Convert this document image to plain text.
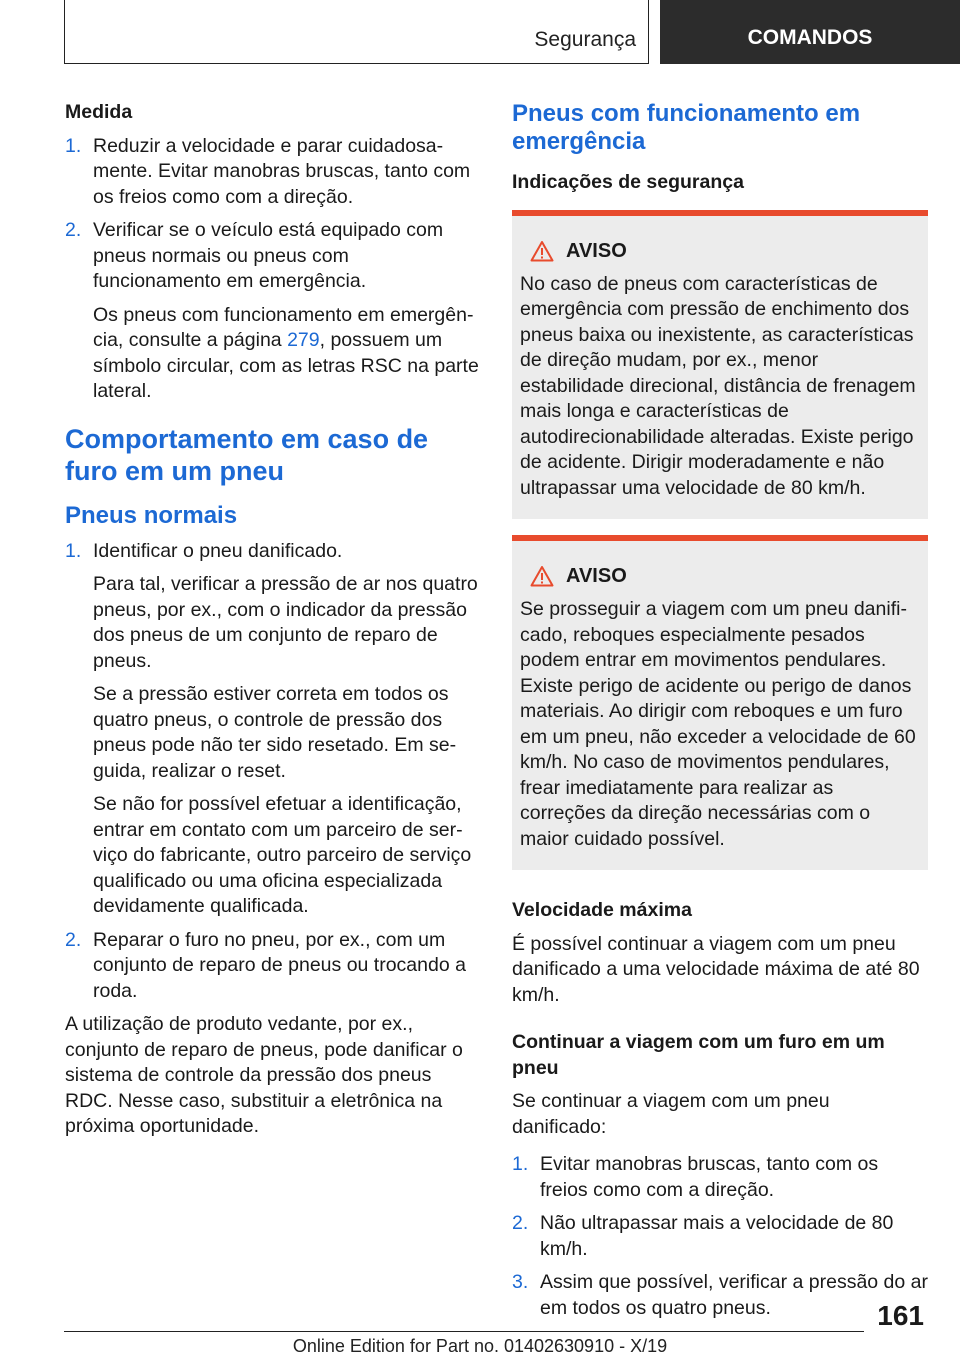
Segurança	COMANDOS
Medida
1. Reduzir a velocidade e parar cuidadosamente. Evitar manobras bruscas, tanto com os freios como com a direção.
2. Verificar se o veículo está equipado com pneus normais ou pneus com funcionamento em emergência.
Os pneus com funcionamento em emergência, consulte a página 279, possuem um símbolo circular, com as letras RSC na parte lateral.
Comportamento em caso de furo em um pneu
Pneus normais
1. Identificar o pneu danificado.
Para tal, verificar a pressão de ar nos quatro pneus, por ex., com o indicador da pressão dos pneus de um conjunto de reparo de pneus.
Se a pressão estiver correta em todos os quatro pneus, o controle de pressão dos pneus pode não ter sido resetado. Em seguida, realizar o reset.
Se não for possível efetuar a identificação, entrar em contato com um parceiro de serviço do fabricante, outro parceiro de serviço qualificado ou uma oficina especializada devidamente qualificada.
2. Reparar o furo no pneu, por ex., com um conjunto de reparo de pneus ou trocando a roda.
A utilização de produto vedante, por ex., conjunto de reparo de pneus, pode danificar o sistema de controle da pressão dos pneus RDC. Nesse caso, substituir a eletrônica na próxima oportunidade.
Pneus com funcionamento em emergência
Indicações de segurança
AVISO

No caso de pneus com características de emergência com pressão de enchimento dos pneus baixa ou inexistente, as características de direção mudam, por ex., menor estabilidade direcional, distância de frenagem mais longa e características de autodirecionabilidade alteradas. Existe perigo de acidente. Dirigir moderadamente e não ultrapassar uma velocidade de 80 km/h.

AVISO

Se prosseguir a viagem com um pneu danificado, reboques especialmente pesados podem entrar em movimentos pendulares. Existe perigo de acidente ou perigo de danos materiais. Ao dirigir com reboques e um furo em um pneu, não exceder a velocidade de 60 km/h. No caso de movimentos pendulares, frear imediatamente para realizar as correções da direção necessárias com o maior cuidado possível.

Velocidade máxima
É possível continuar a viagem com um pneu danificado a uma velocidade máxima de até 80 km/h.
Continuar a viagem com um furo em um pneu
Se continuar a viagem com um pneu danificado:
1. Evitar manobras bruscas, tanto com os freios como com a direção.
2. Não ultrapassar mais a velocidade de 80 km/h.
3. Assim que possível, verificar a pressão do ar em todos os quatro pneus.	161
Online Edition for Part no. 01402630910 - X/19
